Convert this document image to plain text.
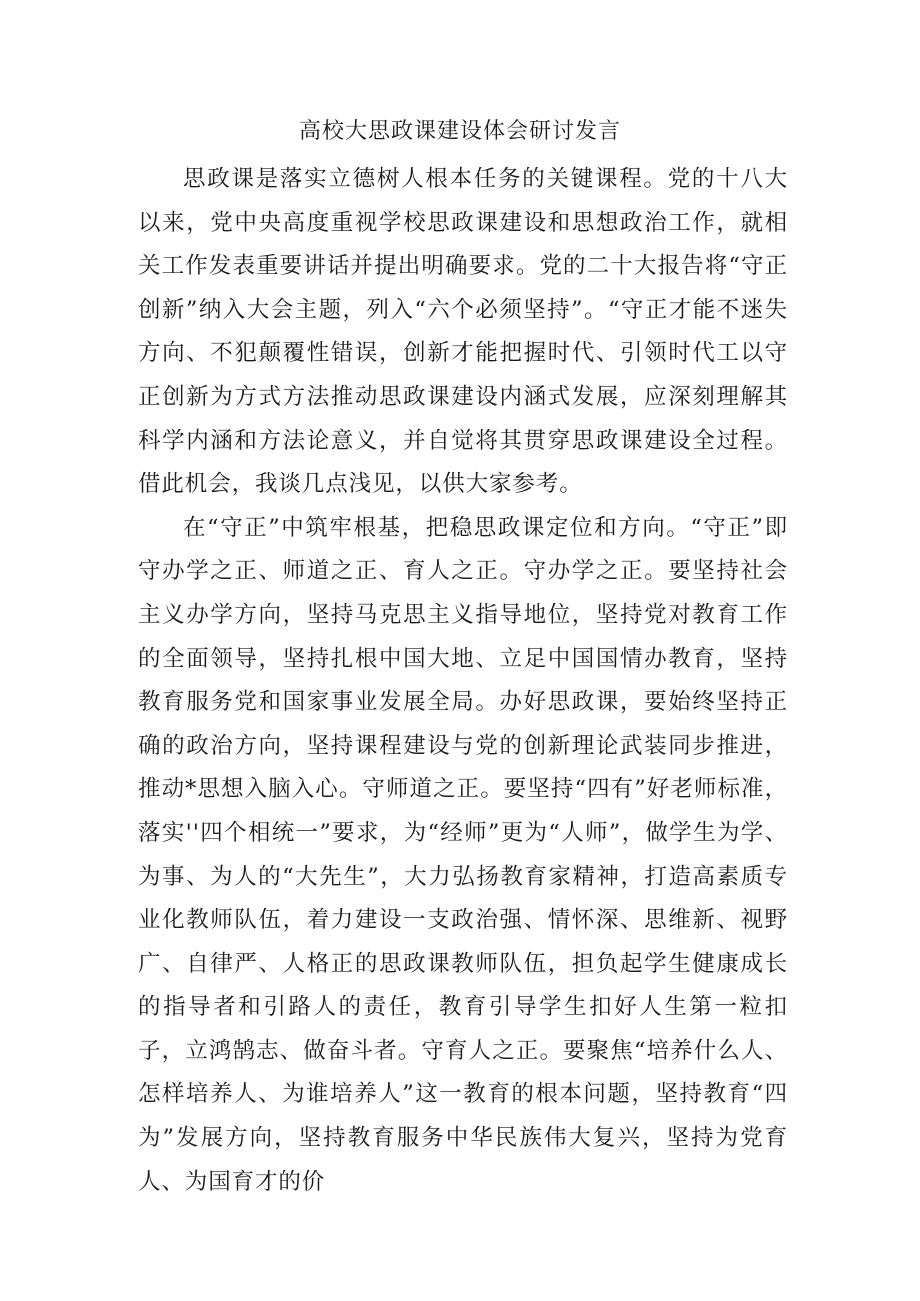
高校大思政课建设体会研讨发言

思政课是落实立德树人根本任务的关键课程。党的十八大以来，党中央高度重视学校思政课建设和思想政治工作，就相关工作发表重要讲话并提出明确要求。党的二十大报告将“守正创新”纳入大会主题，列入“六个必须坚持”。“守正才能不迷失方向、不犯颠覆性错误，创新才能把握时代、引领时代工以守正创新为方式方法推动思政课建设内涵式发展，应深刻理解其科学内涵和方法论意义，并自觉将其贯穿思政课建设全过程。借此机会，我谈几点浅见，以供大家参考。

在“守正”中筑牢根基，把稳思政课定位和方向。“守正”即守办学之正、师道之正、育人之正。守办学之正。要坚持社会主义办学方向，坚持马克思主义指导地位，坚持党对教育工作的全面领导，坚持扎根中国大地、立足中国国情办教育，坚持教育服务党和国家事业发展全局。办好思政课，要始终坚持正确的政治方向，坚持课程建设与党的创新理论武装同步推进，推动*思想入脑入心。守师道之正。要坚持“四有”好老师标准，落实''四个相统一”要求，为“经师”更为“人师”，做学生为学、为事、为人的“大先生”，大力弘扬教育家精神，打造高素质专业化教师队伍，着力建设一支政治强、情怀深、思维新、视野广、自律严、人格正的思政课教师队伍，担负起学生健康成长的指导者和引路人的责任，教育引导学生扣好人生第一粒扣子，立鸿鹄志、做奋斗者。守育人之正。要聚焦“培养什么人、怎样培养人、为谁培养人”这一教育的根本问题，坚持教育“四为”发展方向，坚持教育服务中华民族伟大复兴，坚持为党育人、为国育才的价
